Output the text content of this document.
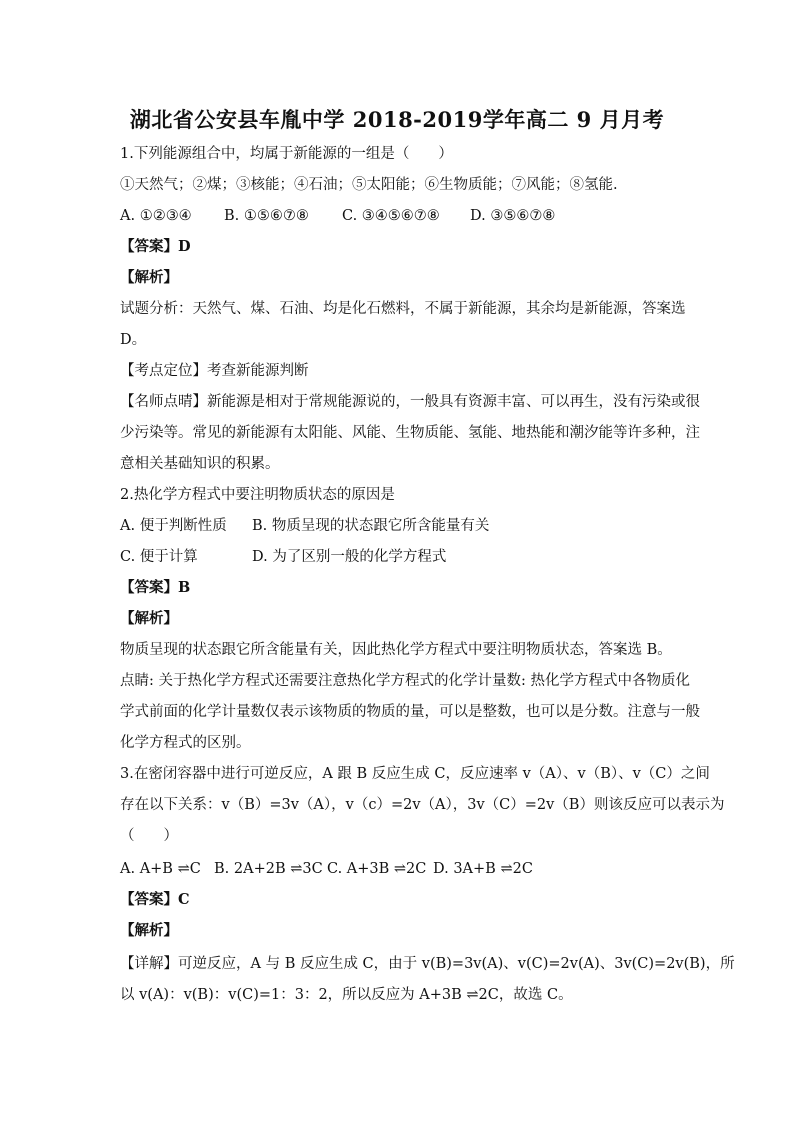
湖北省公安县车胤中学 2018-2019学年高二 9 月月考
1.下列能源组合中，均属于新能源的一组是（　　）
①天然气；②煤；③核能；④石油；⑤太阳能；⑥生物质能；⑦风能；⑧氢能.
A. ①②③④ B. ①⑤⑥⑦⑧ C. ③④⑤⑥⑦⑧ D. ③⑤⑥⑦⑧
【答案】D
【解析】
试题分析：天然气、煤、石油、均是化石燃料，不属于新能源，其余均是新能源，答案选
D。
【考点定位】考查新能源判断
【名师点晴】新能源是相对于常规能源说的，一般具有资源丰富、可以再生，没有污染或很
少污染等。常见的新能源有太阳能、风能、生物质能、氢能、地热能和潮汐能等许多种，注
意相关基础知识的积累。
2.热化学方程式中要注明物质状态的原因是
A. 便于判断性质 B. 物质呈现的状态跟它所含能量有关
C. 便于计算	D. 为了区别一般的化学方程式
【答案】B
【解析】
物质呈现的状态跟它所含能量有关，因此热化学方程式中要注明物质状态，答案选 B。
点睛: 关于热化学方程式还需要注意热化学方程式的化学计量数: 热化学方程式中各物质化
学式前面的化学计量数仅表示该物质的物质的量，可以是整数，也可以是分数。注意与一般
化学方程式的区别。
3.在密闭容器中进行可逆反应，A 跟 B 反应生成 C，反应速率 v（A）、v（B）、v（C）之间
存在以下关系：v（B）=3v（A），v（c）=2v（A），3v（C）=2v（B）则该反应可以表示为
（　　）
A. A+B ⇌C B. 2A+2B ⇌3C C. A+3B ⇌2C D. 3A+B ⇌2C
【答案】C
【解析】
【详解】可逆反应，A 与 B 反应生成 C，由于 v(B)=3v(A)、v(C)=2v(A)、3v(C)=2v(B)，所
以 v(A)：v(B)：v(C)=1：3：2，所以反应为 A+3B ⇌2C，故选 C。
